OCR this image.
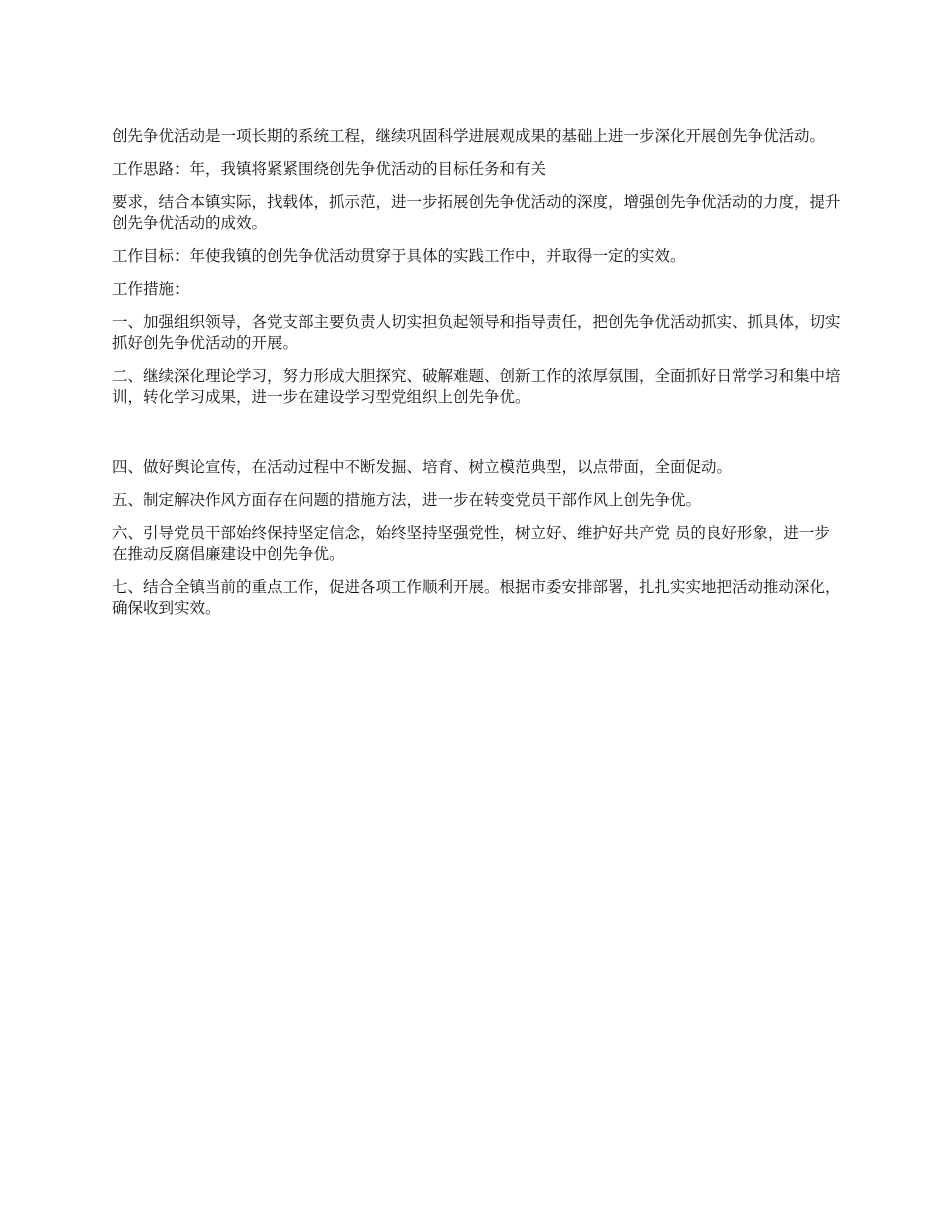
创先争优活动是一项长期的系统工程，继续巩固科学进展观成果的基础上进一步深化开展创先争优活动。

工作思路：年，我镇将紧紧围绕创先争优活动的目标任务和有关

要求，结合本镇实际，找载体，抓示范，进一步拓展创先争优活动的深度，增强创先争优活动的力度，提升创先争优活动的成效。

工作目标：年使我镇的创先争优活动贯穿于具体的实践工作中，并取得一定的实效。

工作措施：

一、加强组织领导，各党支部主要负责人切实担负起领导和指导责任，把创先争优活动抓实、抓具体，切实抓好创先争优活动的开展。

二、继续深化理论学习，努力形成大胆探究、破解难题、创新工作的浓厚氛围，全面抓好日常学习和集中培训，转化学习成果，进一步在建设学习型党组织上创先争优。

四、做好舆论宣传，在活动过程中不断发掘、培育、树立模范典型，以点带面，全面促动。

五、制定解决作风方面存在问题的措施方法，进一步在转变党员干部作风上创先争优。

六、引导党员干部始终保持坚定信念，始终坚持坚强党性，树立好、维护好共产党 员的良好形象，进一步在推动反腐倡廉建设中创先争优。

七、结合全镇当前的重点工作，促进各项工作顺利开展。根据市委安排部署，扎扎实实地把活动推动深化，确保收到实效。
